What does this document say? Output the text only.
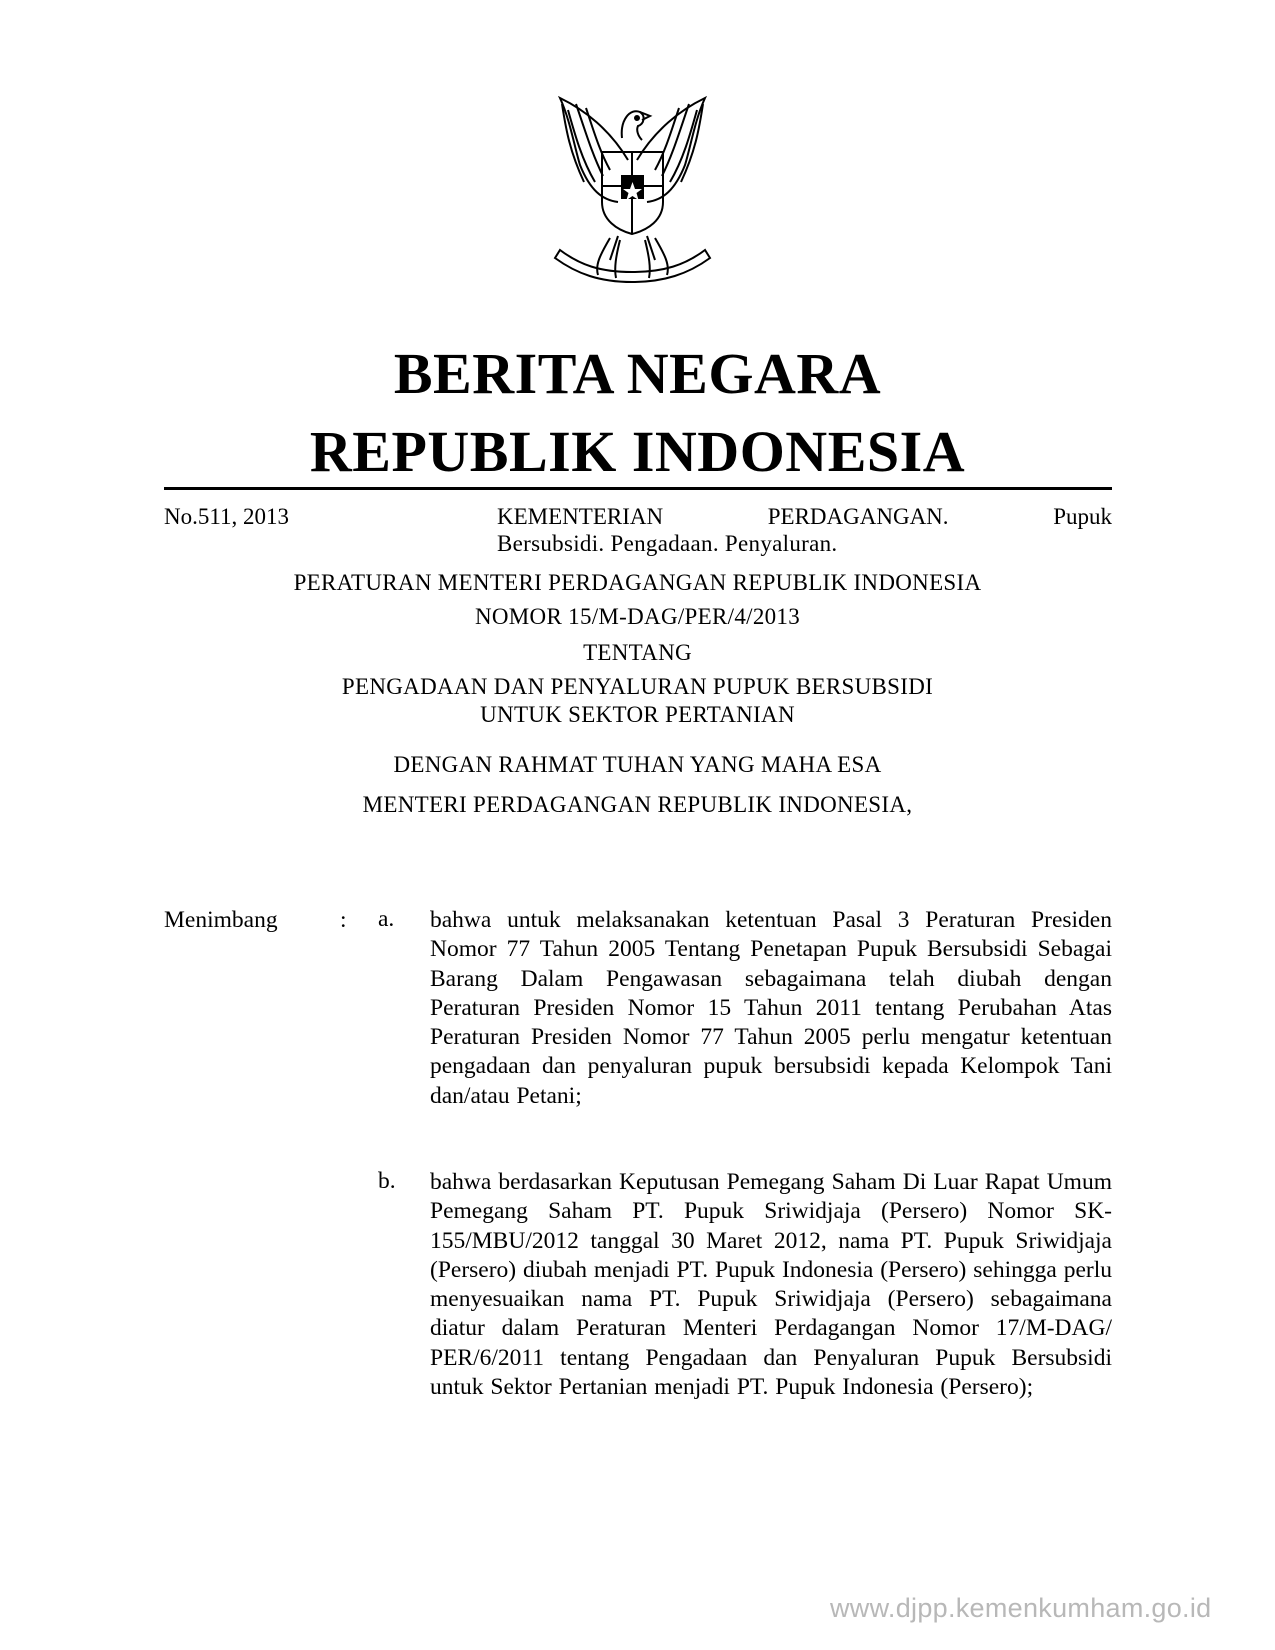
BERITA NEGARA
REPUBLIK INDONESIA
No.511, 2013	KEMENTERIAN PERDAGANGAN. Pupuk
Bersubsidi. Pengadaan. Penyaluran.
PERATURAN MENTERI PERDAGANGAN REPUBLIK INDONESIA
NOMOR 15/M-DAG/PER/4/2013
TENTANG
PENGADAAN DAN PENYALURAN PUPUK BERSUBSIDI
UNTUK SEKTOR PERTANIAN
DENGAN RAHMAT TUHAN YANG MAHA ESA
MENTERI PERDAGANGAN REPUBLIK INDONESIA,
Menimbang	: a. bahwa untuk melaksanakan ketentuan Pasal 3 Peraturan Presiden Nomor 77 Tahun 2005 Tentang Penetapan Pupuk Bersubsidi Sebagai Barang Dalam Pengawasan sebagaimana telah diubah dengan Peraturan Presiden Nomor 15 Tahun 2011 tentang Perubahan Atas Peraturan Presiden Nomor 77 Tahun 2005 perlu mengatur ketentuan pengadaan dan penyaluran pupuk bersubsidi kepada Kelompok Tani dan/atau Petani;
b. bahwa berdasarkan Keputusan Pemegang Saham Di Luar Rapat Umum Pemegang Saham PT. Pupuk Sriwidjaja (Persero) Nomor SK-155/MBU/2012 tanggal 30 Maret 2012, nama PT. Pupuk Sriwidjaja (Persero) diubah menjadi PT. Pupuk Indonesia (Persero) sehingga perlu menyesuaikan nama PT. Pupuk Sriwidjaja (Persero) sebagaimana diatur dalam Peraturan Menteri Perdagangan Nomor 17/M-DAG/ PER/6/2011 tentang Pengadaan dan Penyaluran Pupuk Bersubsidi untuk Sektor Pertanian menjadi PT. Pupuk Indonesia (Persero);
www.djpp.kemenkumham.go.id
